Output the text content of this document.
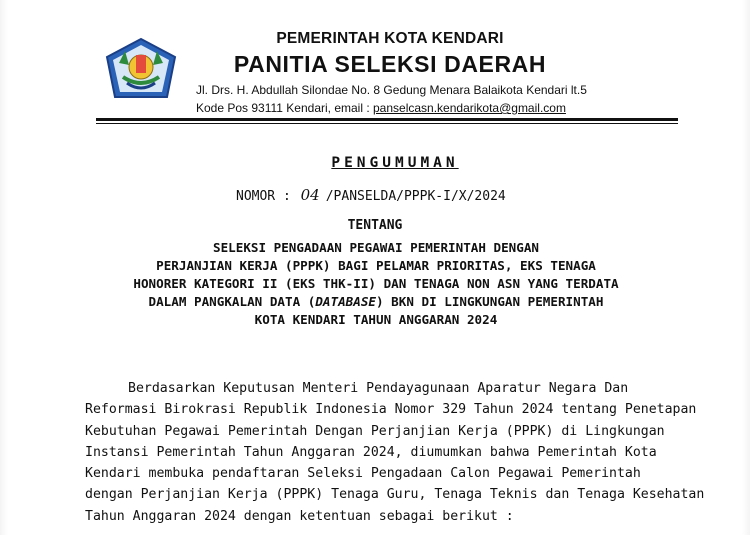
PEMERINTAH KOTA KENDARI
PANITIA SELEKSI DAERAH
Jl. Drs. H. Abdullah Silondae No. 8 Gedung Menara Balaikota Kendari lt.5
Kode Pos 93111 Kendari, email : panselcasn.kendarikota@gmail.com
PENGUMUMAN
NOMOR : 04 /PANSELDA/PPPK-I/X/2024
TENTANG
SELEKSI PENGADAAN PEGAWAI PEMERINTAH DENGAN
PERJANJIAN KERJA (PPPK) BAGI PELAMAR PRIORITAS, EKS TENAGA
HONORER KATEGORI II (EKS THK-II) DAN TENAGA NON ASN YANG TERDATA
DALAM PANGKALAN DATA (DATABASE) BKN DI LINGKUNGAN PEMERINTAH
KOTA KENDARI TAHUN ANGGARAN 2024
Berdasarkan Keputusan Menteri Pendayagunaan Aparatur Negara Dan
Reformasi Birokrasi Republik Indonesia Nomor 329 Tahun 2024 tentang Penetapan
Kebutuhan Pegawai Pemerintah Dengan Perjanjian Kerja (PPPK) di Lingkungan
Instansi Pemerintah Tahun Anggaran 2024, diumumkan bahwa Pemerintah Kota
Kendari membuka pendaftaran Seleksi Pengadaan Calon Pegawai Pemerintah
dengan Perjanjian Kerja (PPPK) Tenaga Guru, Tenaga Teknis dan Tenaga Kesehatan
Tahun Anggaran 2024 dengan ketentuan sebagai berikut :
